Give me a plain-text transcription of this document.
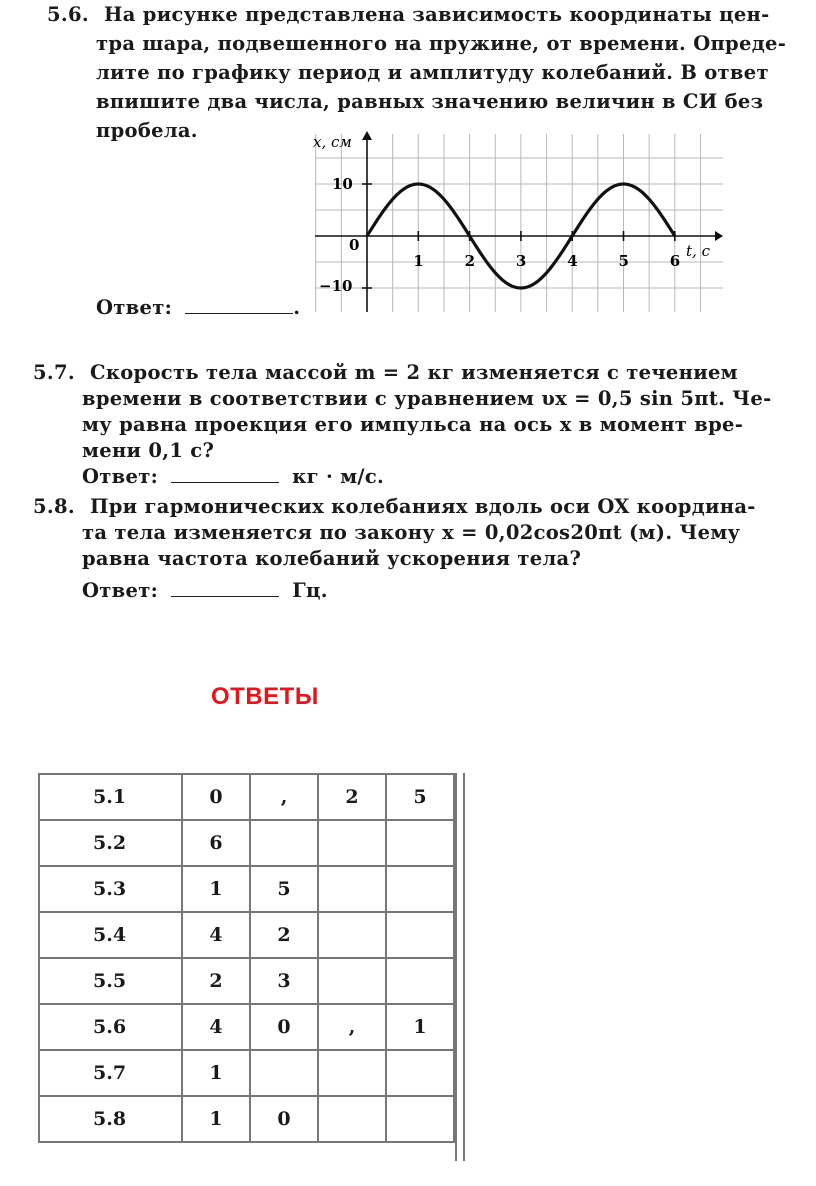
5.6. На рисунке представлена зависимость координаты цен-
тра шара, подвешенного на пружине, от времени. Опреде-
лите по графику период и амплитуду колебаний. В ответ
впишите два числа, равных значению величин в СИ без
пробела.
Ответ:	.
x, см
t, с
0
10
−10
1	2	3	4	5	6
5.7. Скорость тела массой m = 2 кг изменяется с течением
времени в соответствии с уравнением υx = 0,5 sin 5πt. Че-
му равна проекция его импульса на ось x в момент вре-
мени 0,1 с?
Ответ:	кг · м/с.
5.8. При гармонических колебаниях вдоль оси OX координа-
та тела изменяется по закону x = 0,02cos20πt (м). Чему
равна частота колебаний ускорения тела?
Ответ:	Гц.
ОТВЕТЫ
5.1	0	,	2	5
5.2	6			
5.3	1	5		
5.4	4	2		
5.5	2	3		
5.6	4	0	,	1
5.7	1			
5.8	1	0		
